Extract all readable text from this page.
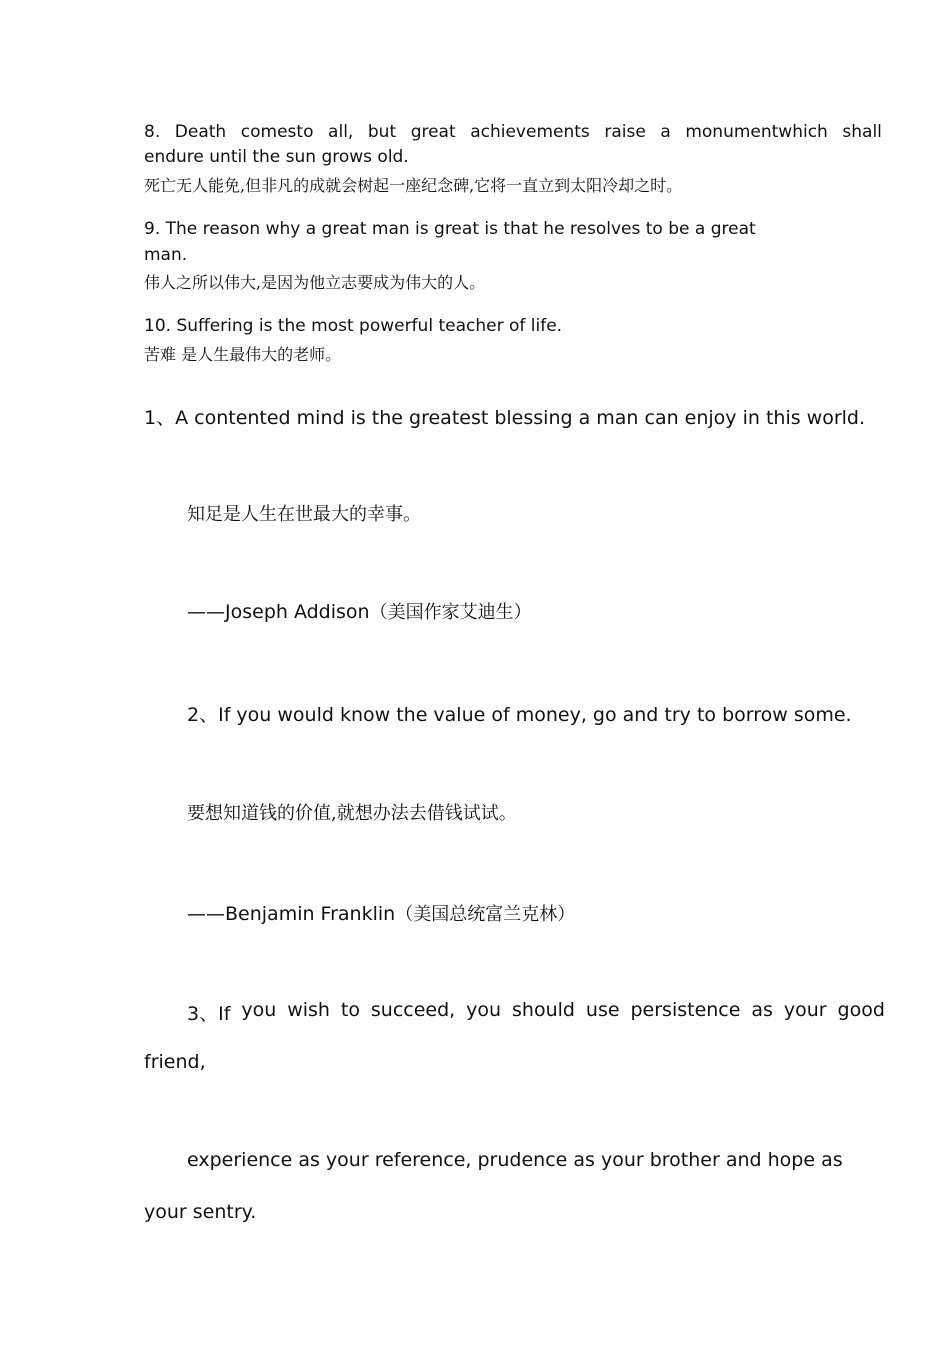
8. Death comesto all, but great achievements raise a monumentwhich shall
endure until the sun grows old.
死亡无人能免,但非凡的成就会树起一座纪念碑,它将一直立到太阳冷却之时。
9. The reason why a great man is great is that he resolves to be a great
man.
伟人之所以伟大,是因为他立志要成为伟大的人。
10. Suffering is the most powerful teacher of life.
苦难 是人生最伟大的老师。
1、A contented mind is the greatest blessing a man can enjoy in this world.
知足是人生在世最大的幸事。
——Joseph Addison（美国作家艾迪生）
2、If you would know the value of money, go and try to borrow some.
要想知道钱的价值,就想办法去借钱试试。
——Benjamin Franklin（美国总统富兰克林）
3、If you wish to succeed, you should use persistence as your good
friend,
experience as your reference, prudence as your brother and hope as
your sentry.
